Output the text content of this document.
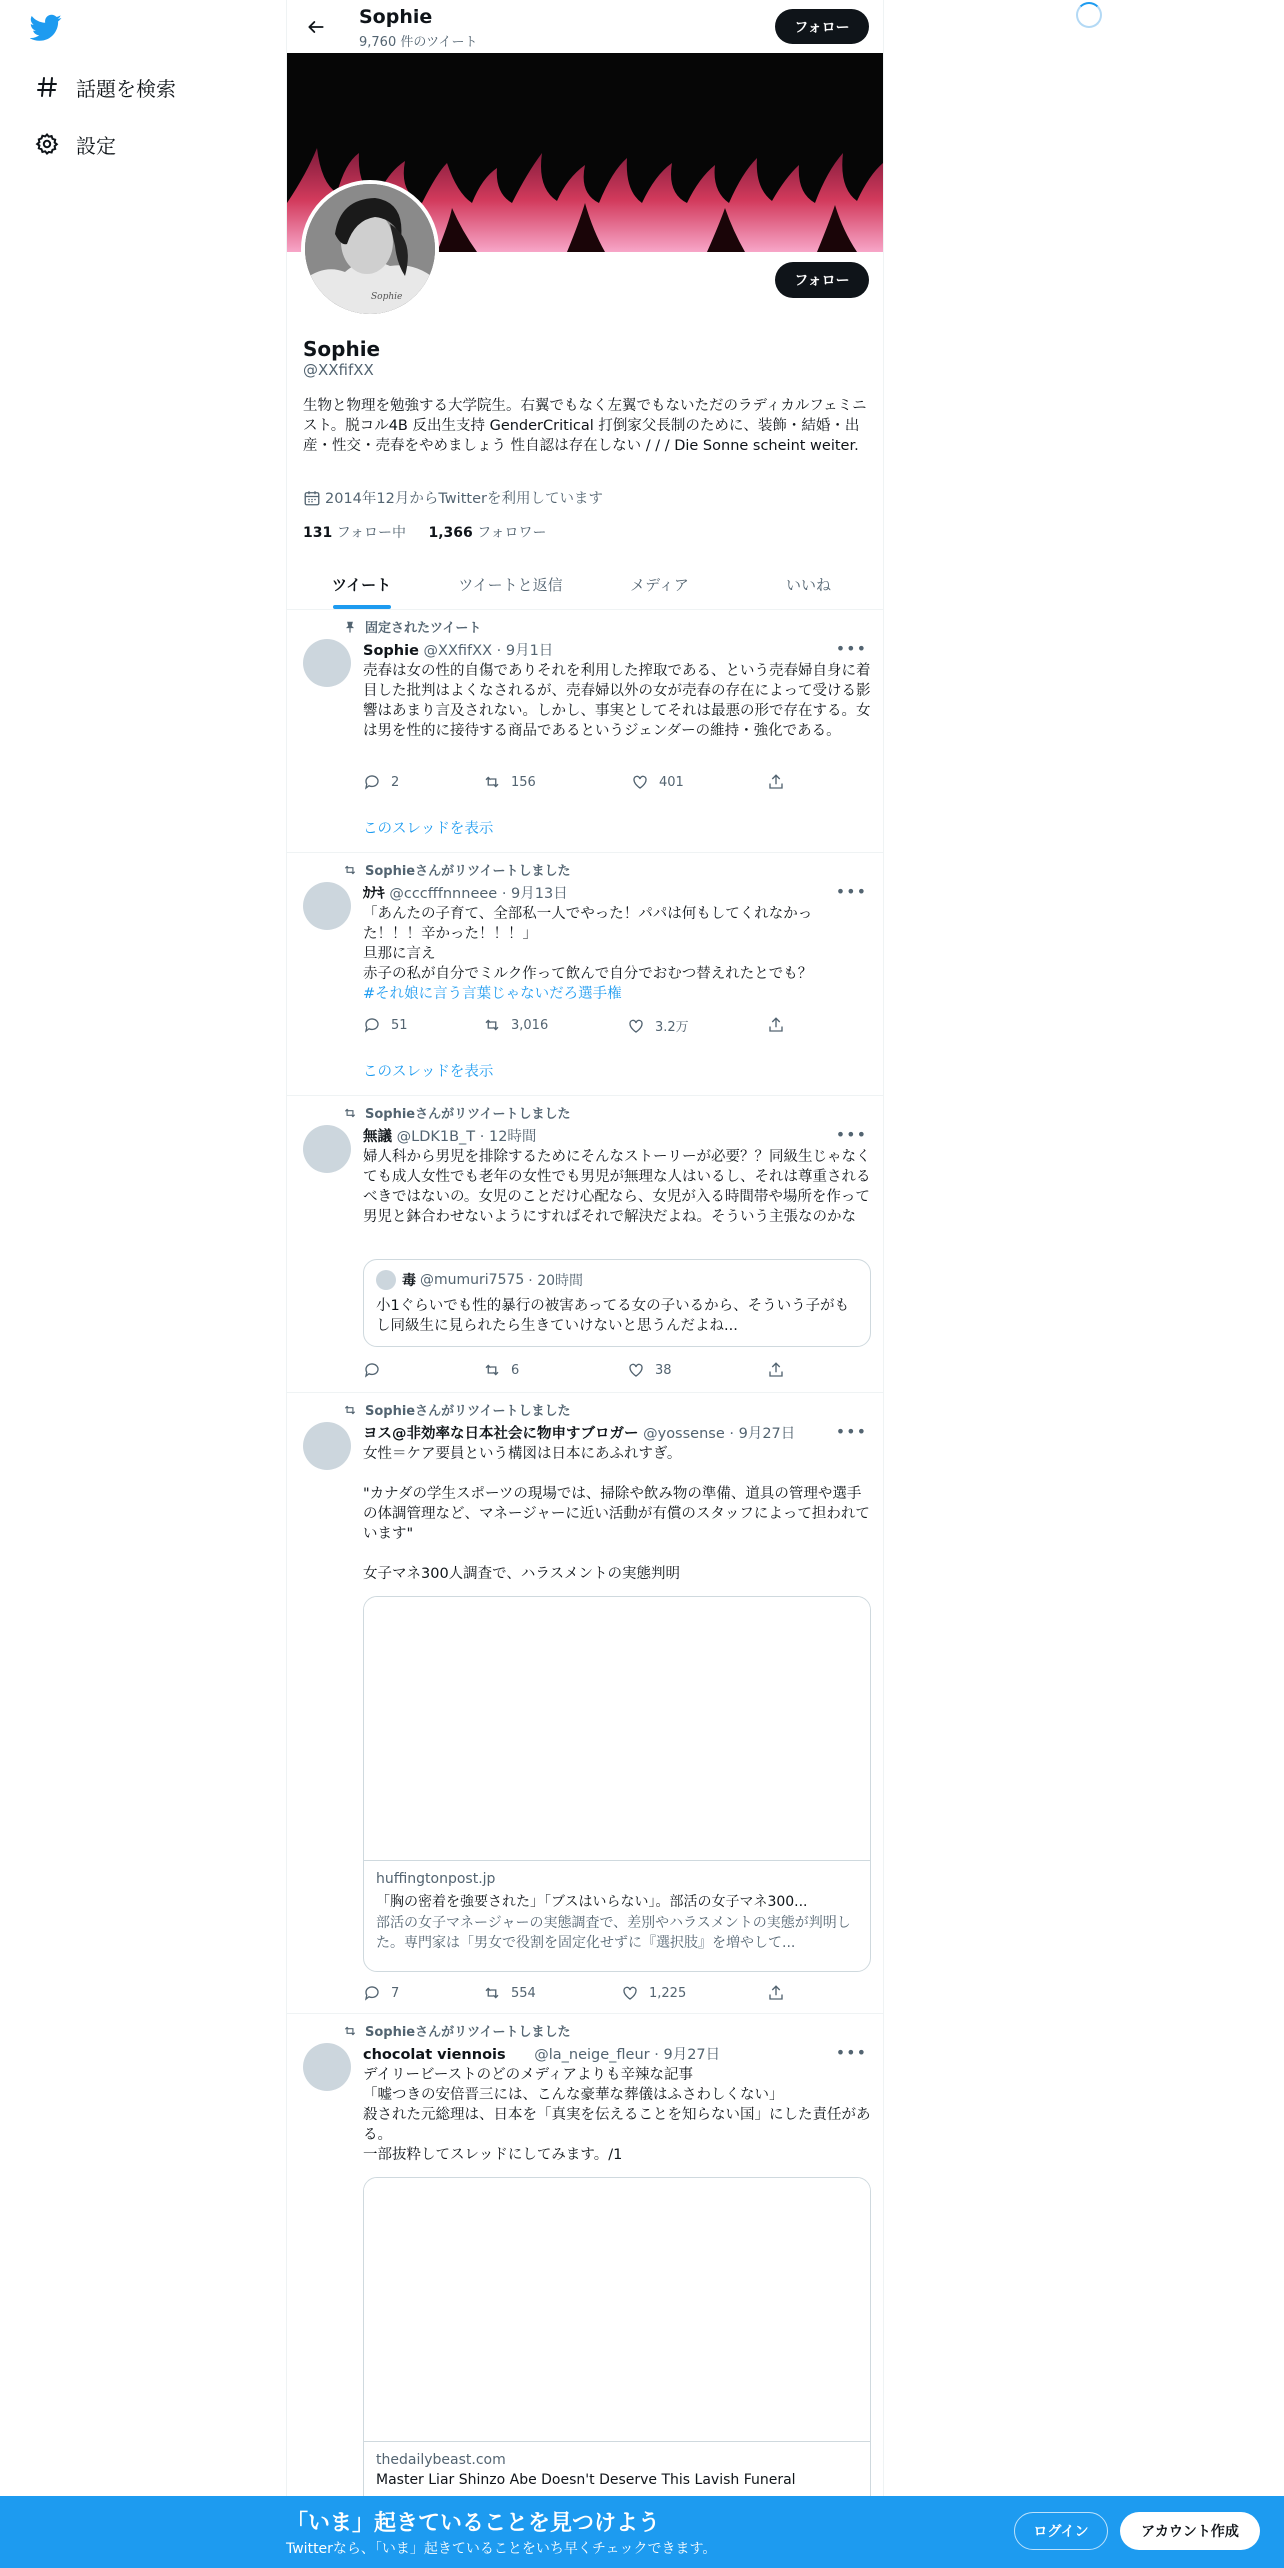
話題を検索
設定
Sophie
9,760 件のツイート
フォロー
Sophie
フォロー
Sophie
@XXfifXX
生物と物理を勉強する大学院生。右翼でもなく左翼でもないただのラディカルフェミニスト。脱コル4B 反出生支持 GenderCritical 打倒家父長制のために、装飾・結婚・出産・性交・売春をやめましょう 性自認は存在しない / / / Die Sonne scheint weiter.
2014年12月からTwitterを利用しています
131 フォロー中 1,366 フォロワー
ツイート	ツイートと返信	メディア	いいね
固定されたツイート
Sophie @XXfifXX · 9月1日	•••
売春は女の性的自傷でありそれを利用した搾取である、という売春婦自身に着目した批判はよくなされるが、売春婦以外の女が売春の存在によって受ける影響はあまり言及されない。しかし、事実としてそれは最悪の形で存在する。女は男を性的に接待する商品であるというジェンダーの維持・強化である。
2	156	401
このスレッドを表示
Sophieさんがリツイートしました
ｶﾅｷ @cccfffnnneee · 9月13日	•••
「あんたの子育て、全部私一人でやった！パパは何もしてくれなかった！！！辛かった！！！」
旦那に言え
赤子の私が自分でミルク作って飲んで自分でおむつ替えれたとでも？
#それ娘に言う言葉じゃないだろ選手権
51	3,016	3.2万
このスレッドを表示
Sophieさんがリツイートしました
無議 @LDK1B_T · 12時間	•••
婦人科から男児を排除するためにそんなストーリーが必要？？同級生じゃなくても成人女性でも老年の女性でも男児が無理な人はいるし、それは尊重されるべきではないの。女児のことだけ心配なら、女児が入る時間帯や場所を作って男児と鉢合わせないようにすればそれで解決だよね。そういう主張なのかな
毒 @mumuri7575 · 20時間
小1ぐらいでも性的暴行の被害あってる女の子いるから、そういう子がもし同級生に見られたら生きていけないと思うんだよね...
6	38
Sophieさんがリツイートしました
ヨス@非効率な日本社会に物申すブロガー @yossense · 9月27日	•••
女性＝ケア要員という構図は日本にあふれすぎ。
"カナダの学生スポーツの現場では、掃除や飲み物の準備、道具の管理や選手の体調管理など、マネージャーに近い活動が有償のスタッフによって担われています"
女子マネ300人調査で、ハラスメントの実態判明
huffingtonpost.jp
「胸の密着を強要された」「ブスはいらない」。部活の女子マネ300...
部活の女子マネージャーの実態調査で、差別やハラスメントの実態が判明した。専門家は「男女で役割を固定化せずに『選択肢』を増やして...
7	554	1,225
Sophieさんがリツイートしました
chocolat viennois @la_neige_fleur · 9月27日	•••
デイリービーストのどのメディアよりも辛辣な記事
「嘘つきの安倍晋三には、こんな豪華な葬儀はふさわしくない」
殺された元総理は、日本を「真実を伝えることを知らない国」にした責任がある。
一部抜粋してスレッドにしてみます。/1
thedailybeast.com
Master Liar Shinzo Abe Doesn't Deserve This Lavish Funeral
「いま」起きていることを見つけよう
Twitterなら、「いま」起きていることをいち早くチェックできます。
ログイン	アカウント作成
